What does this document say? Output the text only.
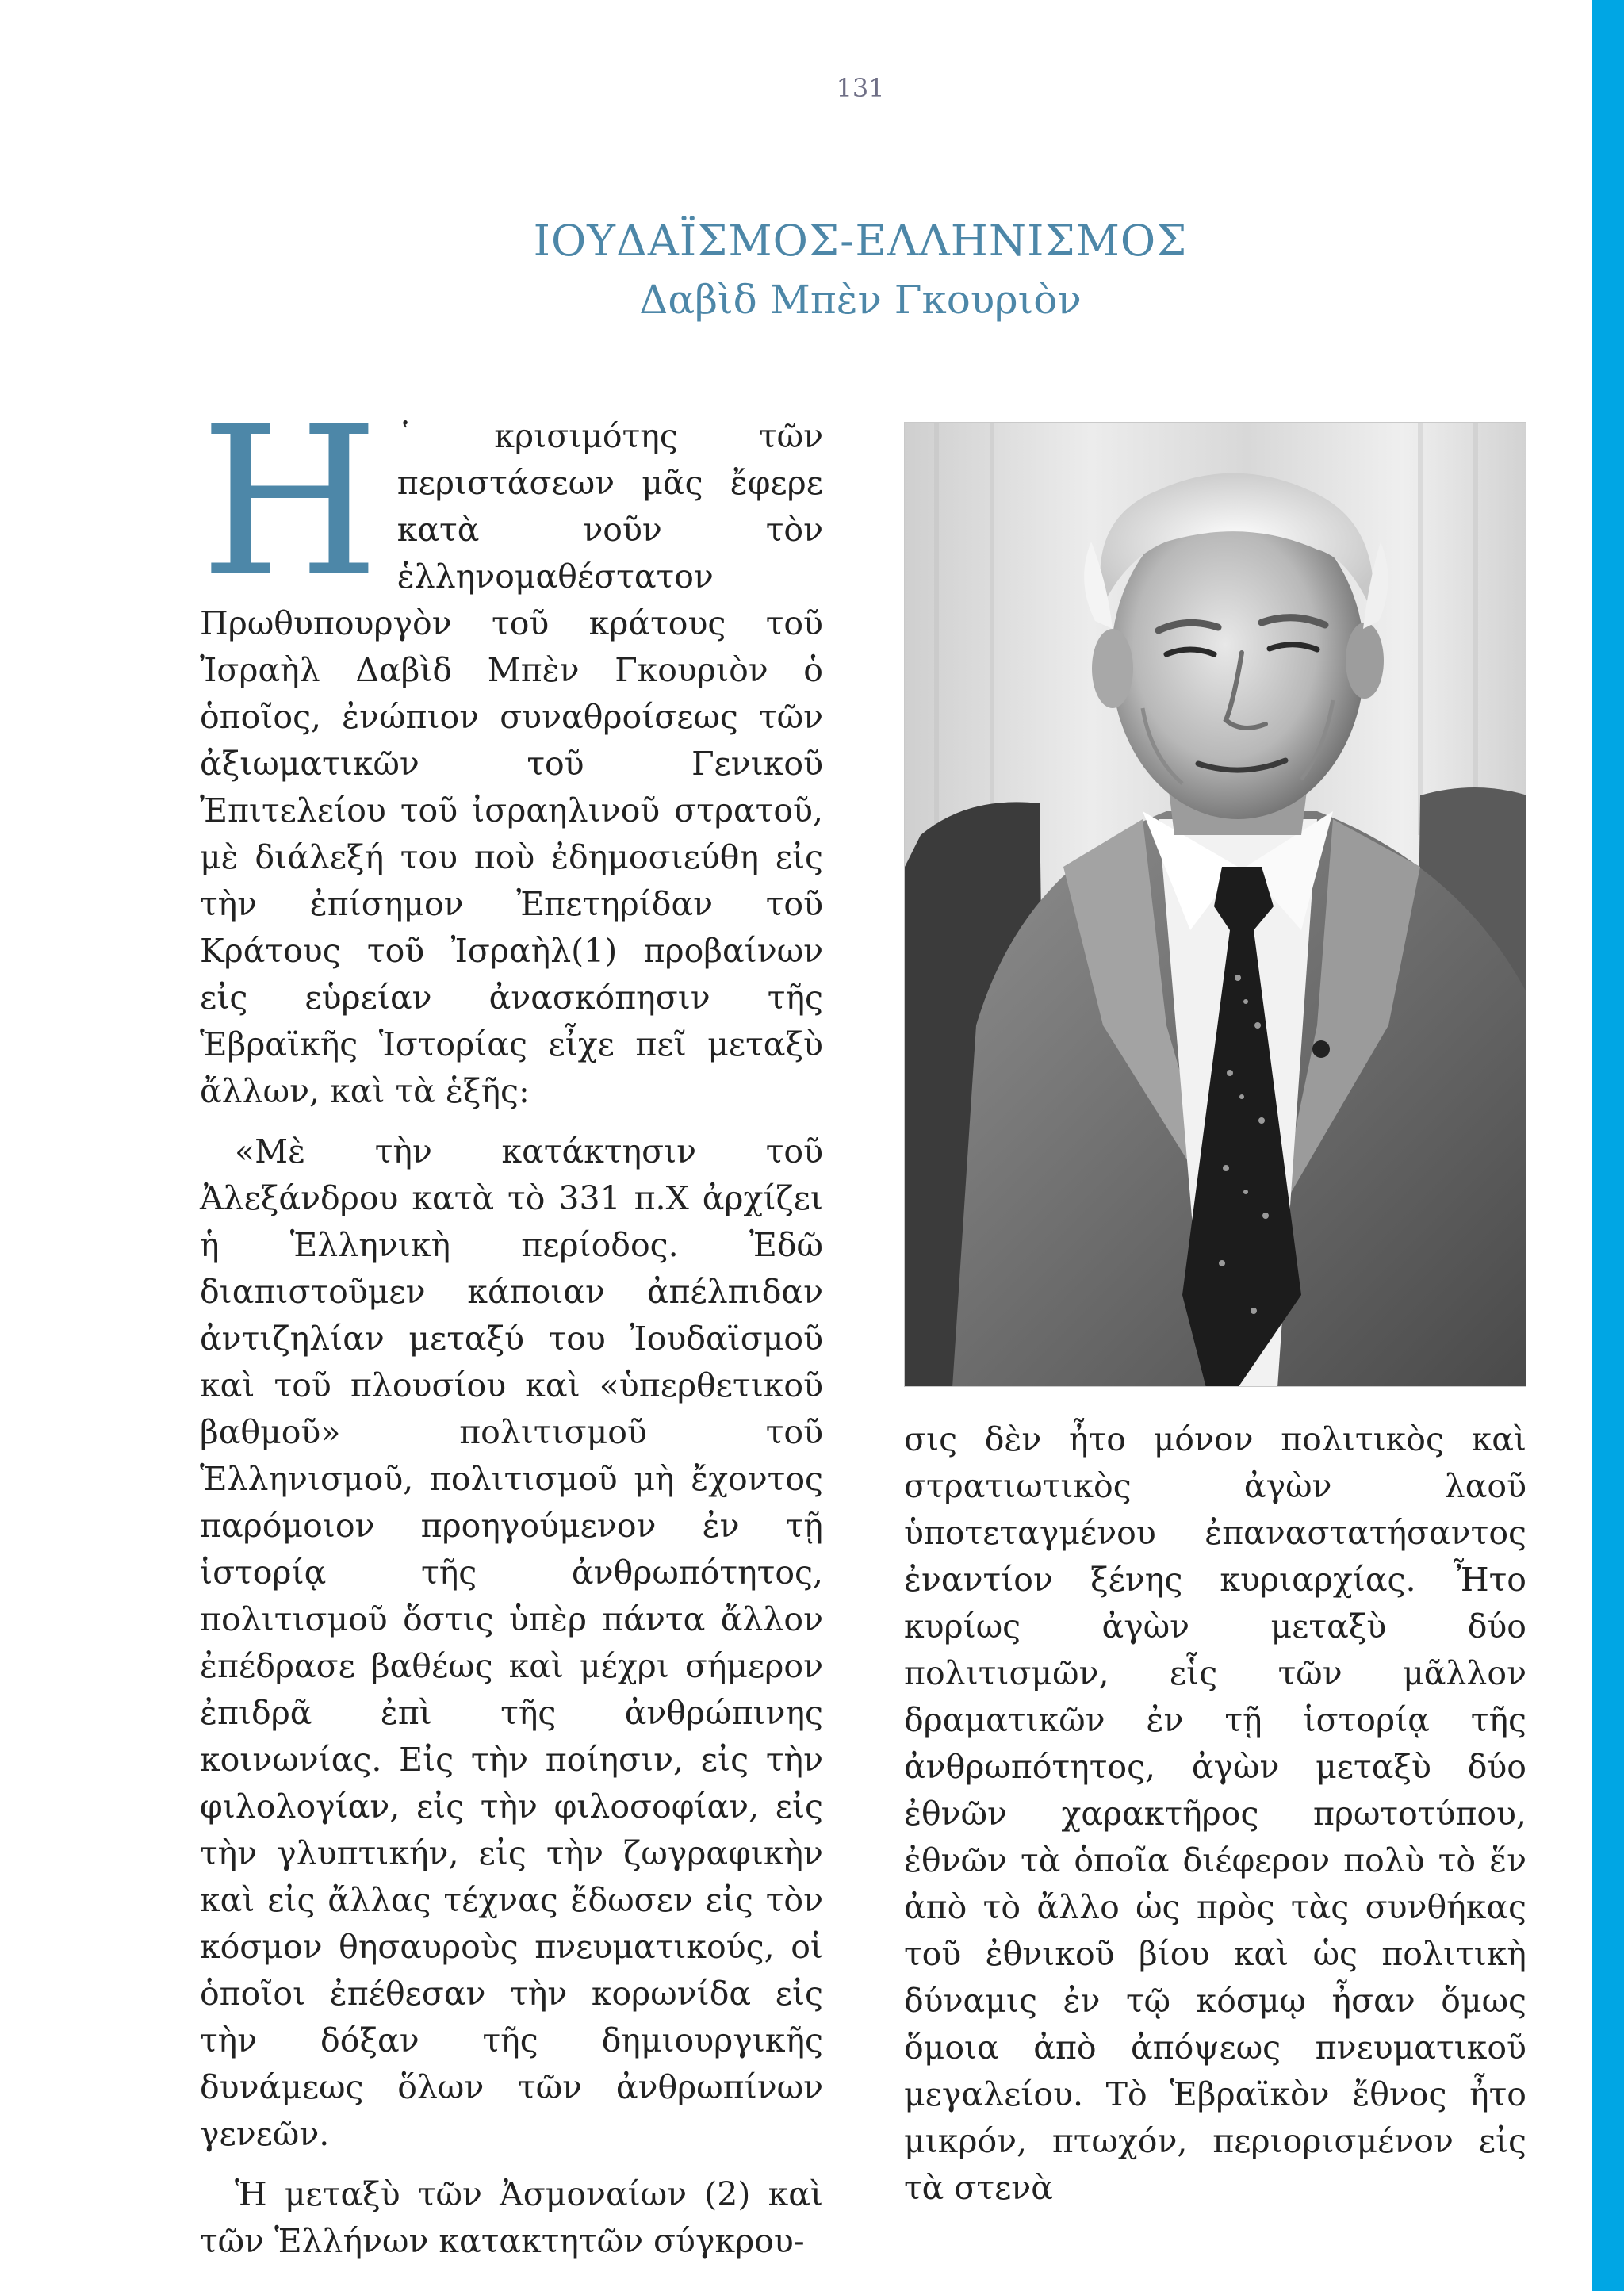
131
ΙΟΥΔΑΪΣΜΟΣ-ΕΛΛΗΝΙΣΜΟΣ
Δαβὶδ Μπὲν Γκουριὸν

Η ῾ κρισιμότης τῶν περιστάσεων μᾶς ἔφερε κατὰ νοῦν τὸν ἑλληνομαθέστατον Πρωθυπουργὸν τοῦ κράτους τοῦ Ἰσραὴλ Δαβὶδ Μπὲν Γκουριὸν ὁ ὁποῖος, ἐνώπιον συναθροίσεως τῶν ἀξιωματικῶν τοῦ Γενικοῦ Ἐπιτελείου τοῦ ἰσραηλινοῦ στρατοῦ, μὲ διάλεξή του ποὺ ἐδημοσιεύθη εἰς τὴν ἐπίσημον Ἐπετηρίδαν τοῦ Κράτους τοῦ Ἰσραὴλ(1) προβαίνων εἰς εὑρείαν ἀνασκόπησιν τῆς Ἑβραϊκῆς Ἱστορίας εἶχε πεῖ μεταξὺ ἄλλων, καὶ τὰ ἑξῆς:

«Μὲ τὴν κατάκτησιν τοῦ Ἀλεξάνδρου κατὰ τὸ 331 π.Χ ἀρχίζει ἡ Ἑλληνικὴ περίοδος. Ἐδῶ διαπιστοῦμεν κάποιαν ἀπέλπιδαν ἀντιζηλίαν μεταξύ του Ἰουδαϊσμοῦ καὶ τοῦ πλουσίου καὶ «ὑπερθετικοῦ βαθμοῦ» πολιτισμοῦ τοῦ Ἑλληνισμοῦ, πολιτισμοῦ μὴ ἔχοντος παρόμοιον προηγούμενον ἐν τῇ ἱστορίᾳ τῆς ἀνθρωπότητος, πολιτισμοῦ ὅστις ὑπὲρ πάντα ἄλλον ἐπέδρασε βαθέως καὶ μέχρι σήμερον ἐπιδρᾶ ἐπὶ τῆς ἀνθρώπινης κοινωνίας. Εἰς τὴν ποίησιν, εἰς τὴν φιλολογίαν, εἰς τὴν φιλοσοφίαν, εἰς τὴν γλυπτικήν, εἰς τὴν ζωγραφικὴν καὶ εἰς ἄλλας τέχνας ἔδωσεν εἰς τὸν κόσμον θησαυροὺς πνευματικούς, οἱ ὁποῖοι ἐπέθεσαν τὴν κορωνίδα εἰς τὴν δόξαν τῆς δημιουργικῆς δυνάμεως ὅλων τῶν ἀνθρωπίνων γενεῶν.

Ἡ μεταξὺ τῶν Ἀσμοναίων (2) καὶ τῶν Ἑλλήνων κατακτητῶν σύγκρου-

σις δὲν ἦτο μόνον πολιτικὸς καὶ στρατιωτικὸς ἀγὼν λαοῦ ὑποτεταγμένου ἐπαναστατήσαντος ἐναντίον ξένης κυριαρχίας. Ἦτο κυρίως ἀγὼν μεταξὺ δύο πολιτισμῶν, εἷς τῶν μᾶλλον δραματικῶν ἐν τῇ ἱστορίᾳ τῆς ἀνθρωπότητος, ἀγὼν μεταξὺ δύο ἐθνῶν χαρακτῆρος πρωτοτύπου, ἐθνῶν τὰ ὁποῖα διέφερον πολὺ τὸ ἕν ἀπὸ τὸ ἄλλο ὡς πρὸς τὰς συνθήκας τοῦ ἐθνικοῦ βίου καὶ ὡς πολιτικὴ δύναμις ἐν τῷ κόσμῳ ἦσαν ὅμως ὅμοια ἀπὸ ἀπόψεως πνευματικοῦ μεγαλείου. Τὸ Ἑβραϊκὸν ἔθνος ἦτο μικρόν, πτωχόν, περιορισμένον εἰς τὰ στενὰ
